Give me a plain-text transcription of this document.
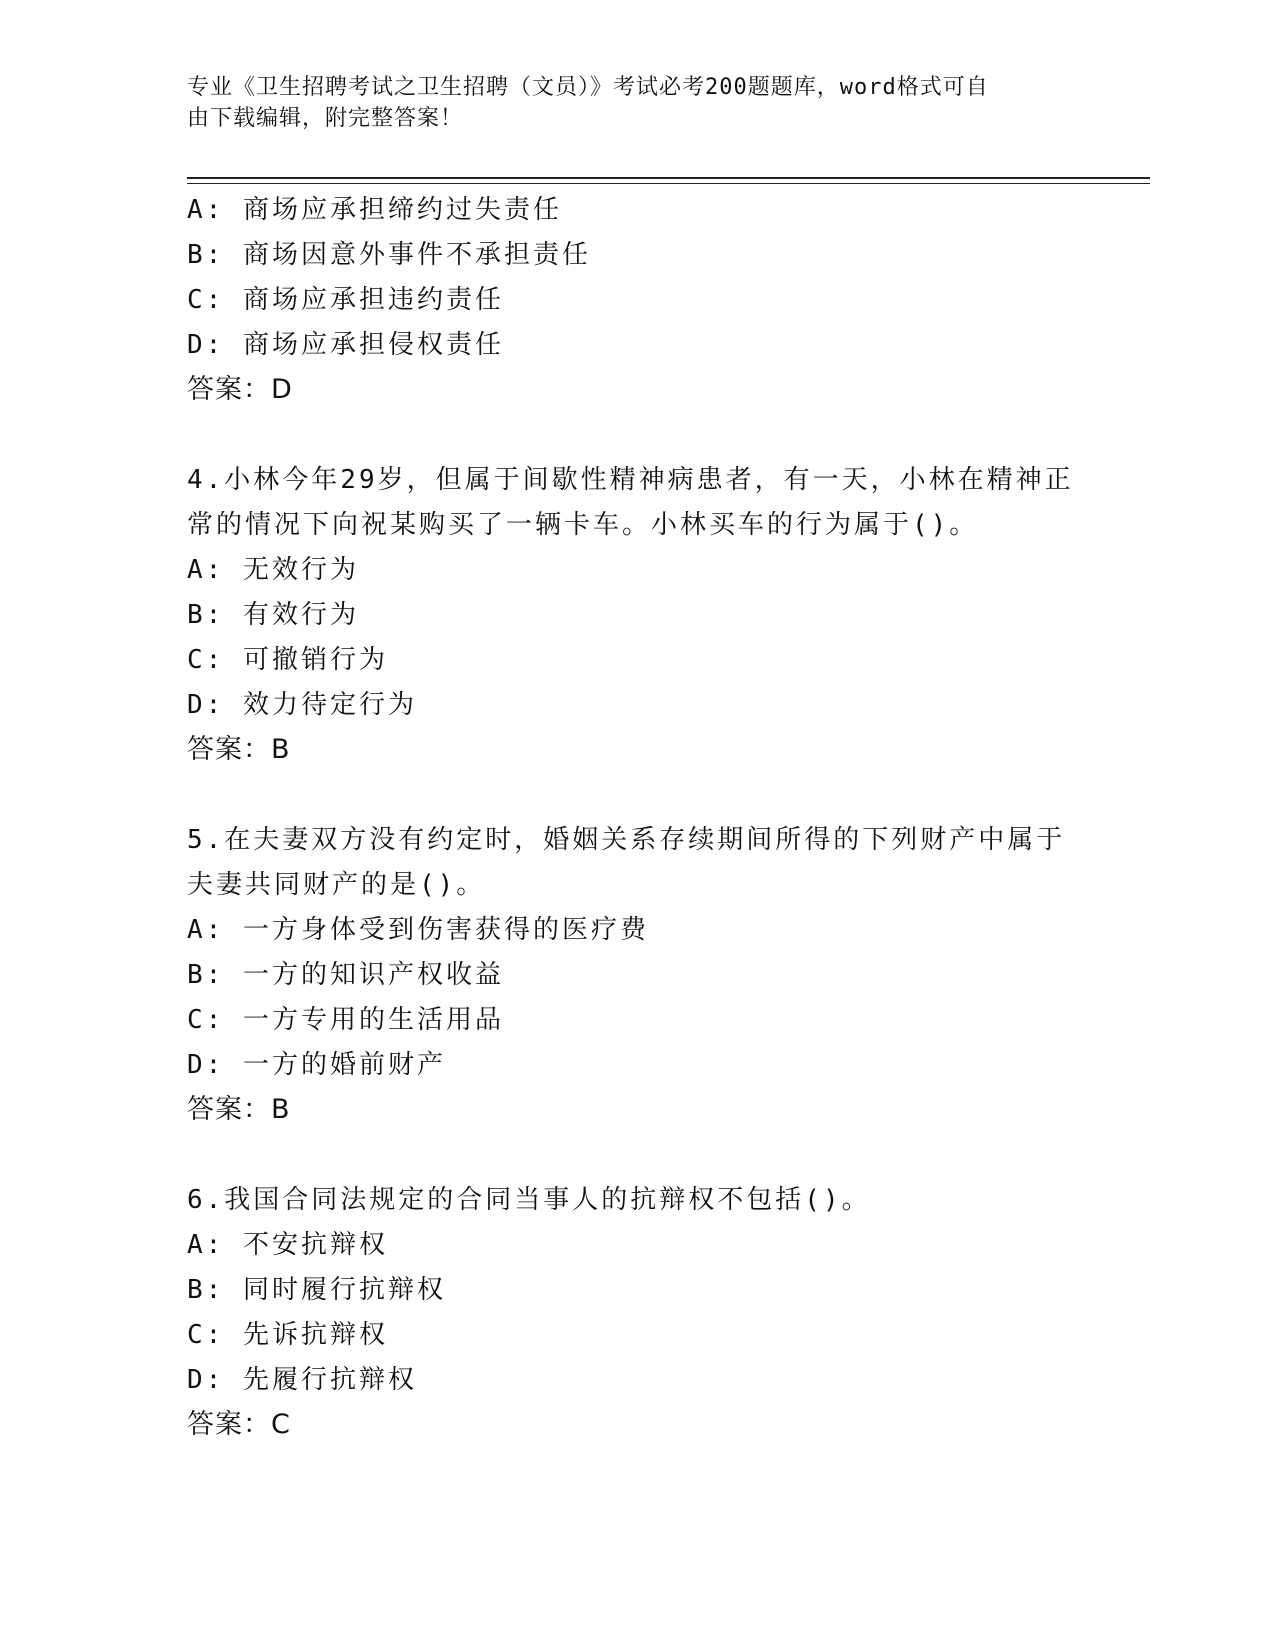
专业《卫生招聘考试之卫生招聘（文员）》考试必考200题题库，word格式可自
由下载编辑，附完整答案！
A: 商场应承担缔约过失责任
B: 商场因意外事件不承担责任
C: 商场应承担违约责任
D: 商场应承担侵权责任
答案：D
4.小林今年29岁，但属于间歇性精神病患者，有一天，小林在精神正
常的情况下向祝某购买了一辆卡车。小林买车的行为属于()。
A: 无效行为
B: 有效行为
C: 可撤销行为
D: 效力待定行为
答案：B
5.在夫妻双方没有约定时，婚姻关系存续期间所得的下列财产中属于
夫妻共同财产的是()。
A: 一方身体受到伤害获得的医疗费
B: 一方的知识产权收益
C: 一方专用的生活用品
D: 一方的婚前财产
答案：B
6.我国合同法规定的合同当事人的抗辩权不包括()。
A: 不安抗辩权
B: 同时履行抗辩权
C: 先诉抗辩权
D: 先履行抗辩权
答案：C
